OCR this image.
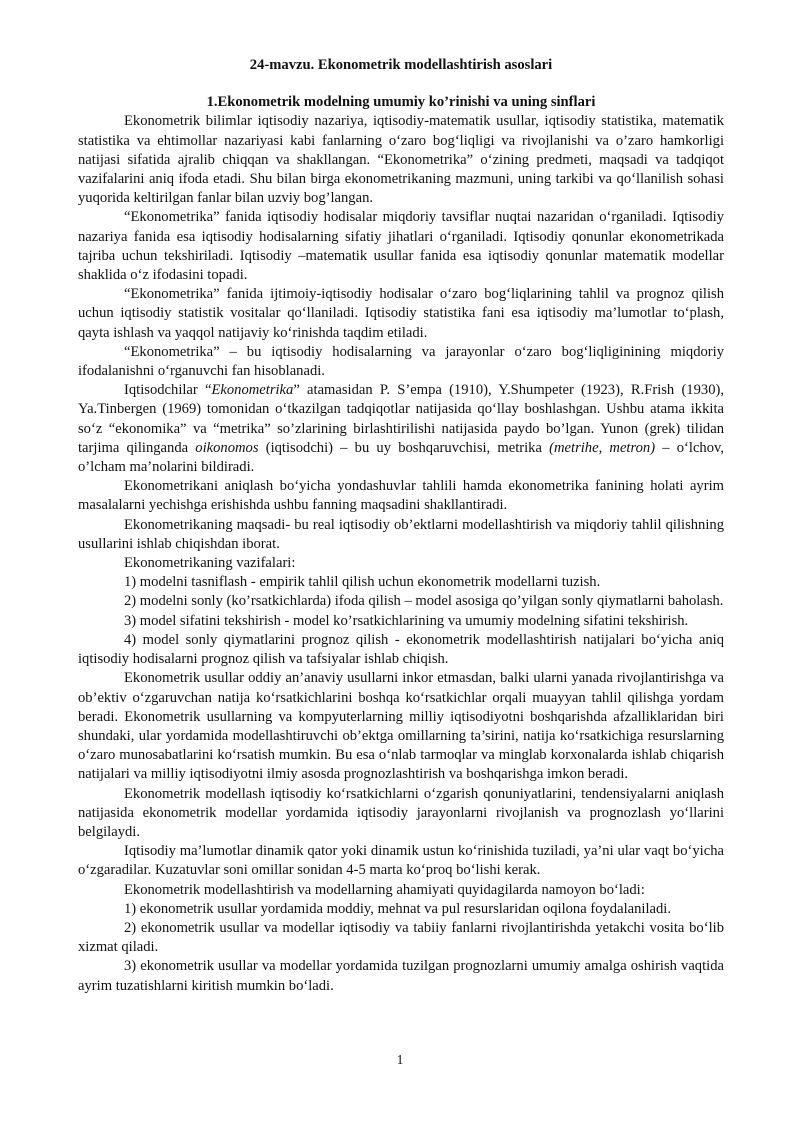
24-mavzu. Ekonometrik modellashtirish asoslari
1.Ekonometrik modelning umumiy ko’rinishi va uning sinflari

Ekonometrik bilimlar iqtisodiy nazariya, iqtisodiy-matematik usullar, iqtisodiy statistika, matematik statistika va ehtimollar nazariyasi kabi fanlarning o‘zaro bog‘liqligi va rivojlanishi va o’zaro hamkorligi natijasi sifatida ajralib chiqqan va shakllangan. “Ekonometrika” o‘zining predmeti, maqsadi va tadqiqot vazifalarini aniq ifoda etadi. Shu bilan birga ekonometrikaning mazmuni, uning tarkibi va qo‘llanilish sohasi yuqorida keltirilgan fanlar bilan uzviy bog’langan.

“Ekonometrika” fanida iqtisodiy hodisalar miqdoriy tavsiflar nuqtai nazaridan o‘rganiladi. Iqtisodiy nazariya fanida esa iqtisodiy hodisalarning sifatiy jihatlari o‘rganiladi. Iqtisodiy qonunlar ekonometrikada tajriba uchun tekshiriladi. Iqtisodiy –matematik usullar fanida esa iqtisodiy qonunlar matematik modellar shaklida o‘z ifodasini topadi.

“Ekonometrika” fanida ijtimoiy-iqtisodiy hodisalar o‘zaro bog‘liqlarining tahlil va prognoz qilish uchun iqtisodiy statistik vositalar qo‘llaniladi. Iqtisodiy statistika fani esa iqtisodiy ma’lumotlar to‘plash, qayta ishlash va yaqqol natijaviy ko‘rinishda taqdim etiladi.

“Ekonometrika” – bu iqtisodiy hodisalarning va jarayonlar o‘zaro bog‘liqliginining miqdoriy ifodalanishni o‘rganuvchi fan hisoblanadi.

Iqtisodchilar “Ekonometrika” atamasidan P. S’empa (1910), Y.Shumpeter (1923), R.Frish (1930), Ya.Tinbergen (1969) tomonidan o‘tkazilgan tadqiqotlar natijasida qo‘llay boshlashgan. Ushbu atama ikkita so‘z “ekonomika” va “metrika” so’zlarining birlashtirilishi natijasida paydo bo’lgan. Yunon (grek) tilidan tarjima qilinganda oikonomos (iqtisodchi) – bu uy boshqaruvchisi, metrika (metrihe, metron) – o‘lchov, o’lcham ma’nolarini bildiradi.

Ekonometrikani aniqlash bo‘yicha yondashuvlar tahlili hamda ekonometrika fanining holati ayrim masalalarni yechishga erishishda ushbu fanning maqsadini shakllantiradi.

Ekonometrikaning maqsadi- bu real iqtisodiy ob’ektlarni modellashtirish va miqdoriy tahlil qilishning usullarini ishlab chiqishdan iborat.

Ekonometrikaning vazifalari:

1) modelni tasniflash - empirik tahlil qilish uchun ekonometrik modellarni tuzish.

2) modelni sonly (ko’rsatkichlarda) ifoda qilish – model asosiga qo’yilgan sonly qiymatlarni baholash.

3) model sifatini tekshirish - model ko’rsatkichlarining va umumiy modelning sifatini tekshirish.

4) model sonly qiymatlarini prognoz qilish - ekonometrik modellashtirish natijalari bo‘yicha aniq iqtisodiy hodisalarni prognoz qilish va tafsiyalar ishlab chiqish.

Ekonometrik usullar oddiy an’anaviy usullarni inkor etmasdan, balki ularni yanada rivojlantirishga va ob’ektiv o‘zgaruvchan natija ko‘rsatkichlarini boshqa ko‘rsatkichlar orqali muayyan tahlil qilishga yordam beradi. Ekonometrik usullarning va kompyuterlarning milliy iqtisodiyotni boshqarishda afzalliklaridan biri shundaki, ular yordamida modellashtiruvchi ob’ektga omillarning ta’sirini, natija ko‘rsatkichiga resurslarning o‘zaro munosabatlarini ko‘rsatish mumkin. Bu esa o‘nlab tarmoqlar va minglab korxonalarda ishlab chiqarish natijalari va milliy iqtisodiyotni ilmiy asosda prognozlashtirish va boshqarishga imkon beradi.

Ekonometrik modellash iqtisodiy ko‘rsatkichlarni o‘zgarish qonuniyatlarini, tendensiyalarni aniqlash natijasida ekonometrik modellar yordamida iqtisodiy jarayonlarni rivojlanish va prognozlash yo‘llarini belgilaydi.

Iqtisodiy ma’lumotlar dinamik qator yoki dinamik ustun ko‘rinishida tuziladi, ya’ni ular vaqt bo‘yicha o‘zgaradilar. Kuzatuvlar soni omillar sonidan 4-5 marta ko‘proq bo‘lishi kerak.

Ekonometrik modellashtirish va modellarning ahamiyati quyidagilarda namoyon bo‘ladi:

1) ekonometrik usullar yordamida moddiy, mehnat va pul resurslaridan oqilona foydalaniladi.

2) ekonometrik usullar va modellar iqtisodiy va tabiiy fanlarni rivojlantirishda yetakchi vosita bo‘lib xizmat qiladi.

3) ekonometrik usullar va modellar yordamida tuzilgan prognozlarni umumiy amalga oshirish vaqtida ayrim tuzatishlarni kiritish mumkin bo‘ladi.

1
